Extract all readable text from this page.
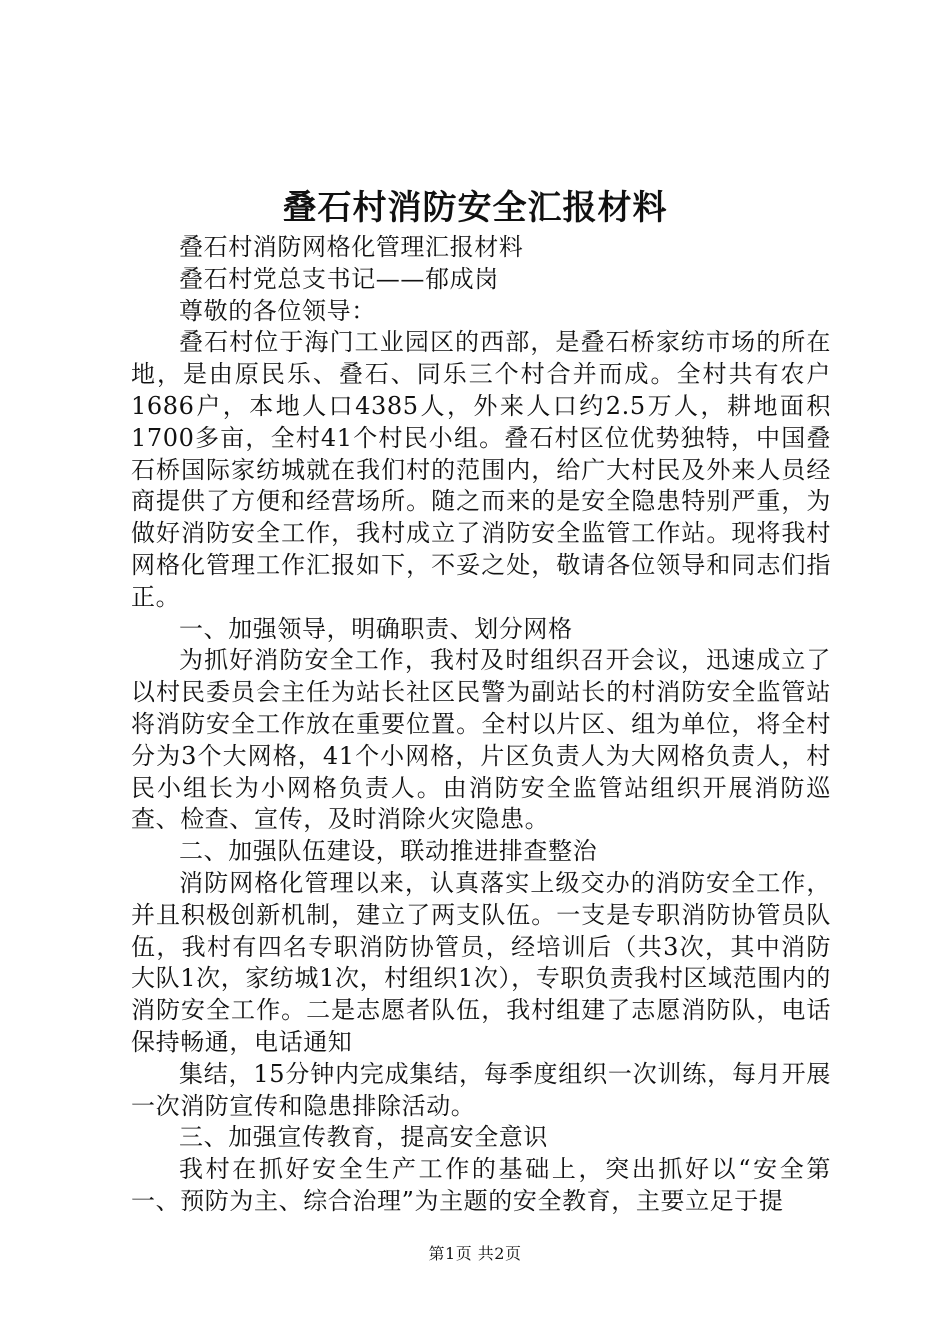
叠石村消防安全汇报材料

叠石村消防网格化管理汇报材料

叠石村党总支书记——郁成岗

尊敬的各位领导：

叠石村位于海门工业园区的西部，是叠石桥家纺市场的所在地，是由原民乐、叠石、同乐三个村合并而成。全村共有农户1686户，本地人口4385人，外来人口约2.5万人，耕地面积1700多亩，全村41个村民小组。叠石村区位优势独特，中国叠石桥国际家纺城就在我们村的范围内，给广大村民及外来人员经商提供了方便和经营场所。随之而来的是安全隐患特别严重，为做好消防安全工作，我村成立了消防安全监管工作站。现将我村网格化管理工作汇报如下，不妥之处，敬请各位领导和同志们指正。

一、加强领导，明确职责、划分网格

为抓好消防安全工作，我村及时组织召开会议，迅速成立了以村民委员会主任为站长社区民警为副站长的村消防安全监管站将消防安全工作放在重要位置。全村以片区、组为单位，将全村分为3个大网格，41个小网格，片区负责人为大网格负责人，村民小组长为小网格负责人。由消防安全监管站组织开展消防巡查、检查、宣传，及时消除火灾隐患。

二、加强队伍建设，联动推进排查整治

消防网格化管理以来，认真落实上级交办的消防安全工作，并且积极创新机制，建立了两支队伍。一支是专职消防协管员队伍，我村有四名专职消防协管员，经培训后（共3次，其中消防大队1次，家纺城1次，村组织1次），专职负责我村区域范围内的消防安全工作。二是志愿者队伍，我村组建了志愿消防队，电话保持畅通，电话通知

集结，15分钟内完成集结，每季度组织一次训练，每月开展一次消防宣传和隐患排除活动。

三、加强宣传教育，提高安全意识

我村在抓好安全生产工作的基础上，突出抓好以“安全第一、预防为主、综合治理”为主题的安全教育，主要立足于提

第1页 共2页
